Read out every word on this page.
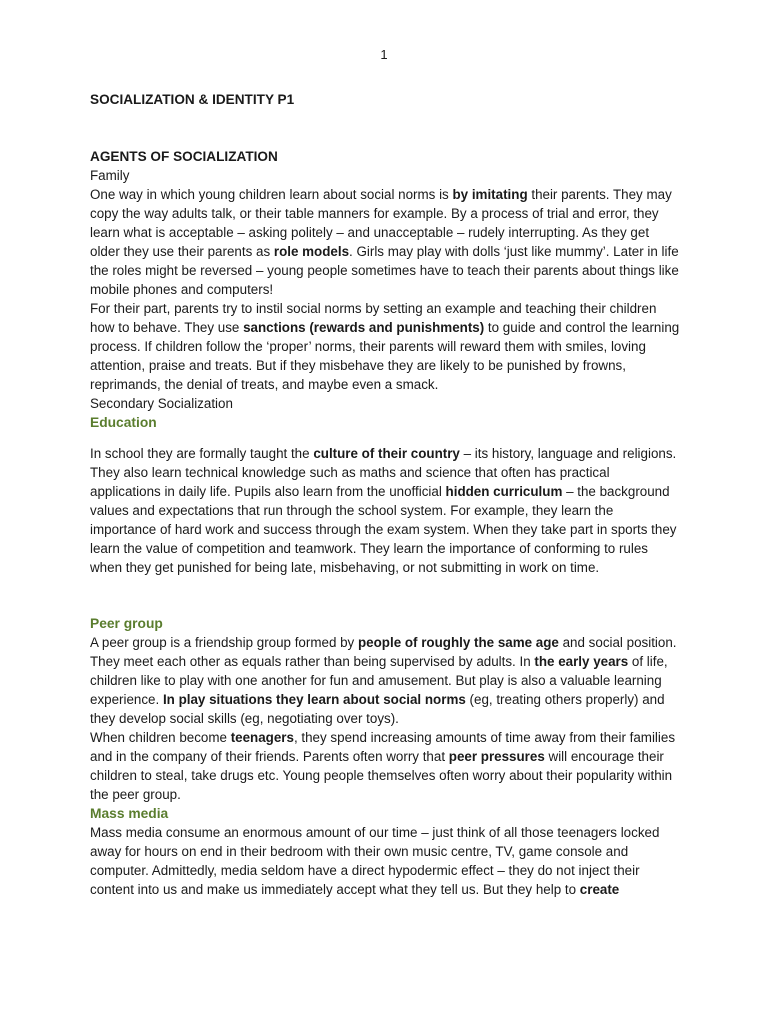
1
SOCIALIZATION & IDENTITY P1
AGENTS OF SOCIALIZATION
Family

One way in which young children learn about social norms is by imitating their parents. They may copy the way adults talk, or their table manners for example. By a process of trial and error, they learn what is acceptable – asking politely – and unacceptable – rudely interrupting. As they get older they use their parents as role models. Girls may play with dolls ‘just like mummy’. Later in life the roles might be reversed – young people sometimes have to teach their parents about things like mobile phones and computers!

For their part, parents try to instil social norms by setting an example and teaching their children how to behave. They use sanctions (rewards and punishments) to guide and control the learning process. If children follow the ‘proper’ norms, their parents will reward them with smiles, loving attention, praise and treats. But if they misbehave they are likely to be punished by frowns, reprimands, the denial of treats, and maybe even a smack.

Secondary Socialization
Education

In school they are formally taught the culture of their country – its history, language and religions. They also learn technical knowledge such as maths and science that often has practical applications in daily life. Pupils also learn from the unofficial hidden curriculum – the background values and expectations that run through the school system. For example, they learn the importance of hard work and success through the exam system. When they take part in sports they learn the value of competition and teamwork. They learn the importance of conforming to rules when they get punished for being late, misbehaving, or not submitting in work on time.

Peer group

A peer group is a friendship group formed by people of roughly the same age and social position. They meet each other as equals rather than being supervised by adults. In the early years of life, children like to play with one another for fun and amusement. But play is also a valuable learning experience. In play situations they learn about social norms (eg, treating others properly) and they develop social skills (eg, negotiating over toys).

When children become teenagers, they spend increasing amounts of time away from their families and in the company of their friends. Parents often worry that peer pressures will encourage their children to steal, take drugs etc. Young people themselves often worry about their popularity within the peer group.

Mass media

Mass media consume an enormous amount of our time – just think of all those teenagers locked away for hours on end in their bedroom with their own music centre, TV, game console and computer. Admittedly, media seldom have a direct hypodermic effect – they do not inject their content into us and make us immediately accept what they tell us. But they help to create
